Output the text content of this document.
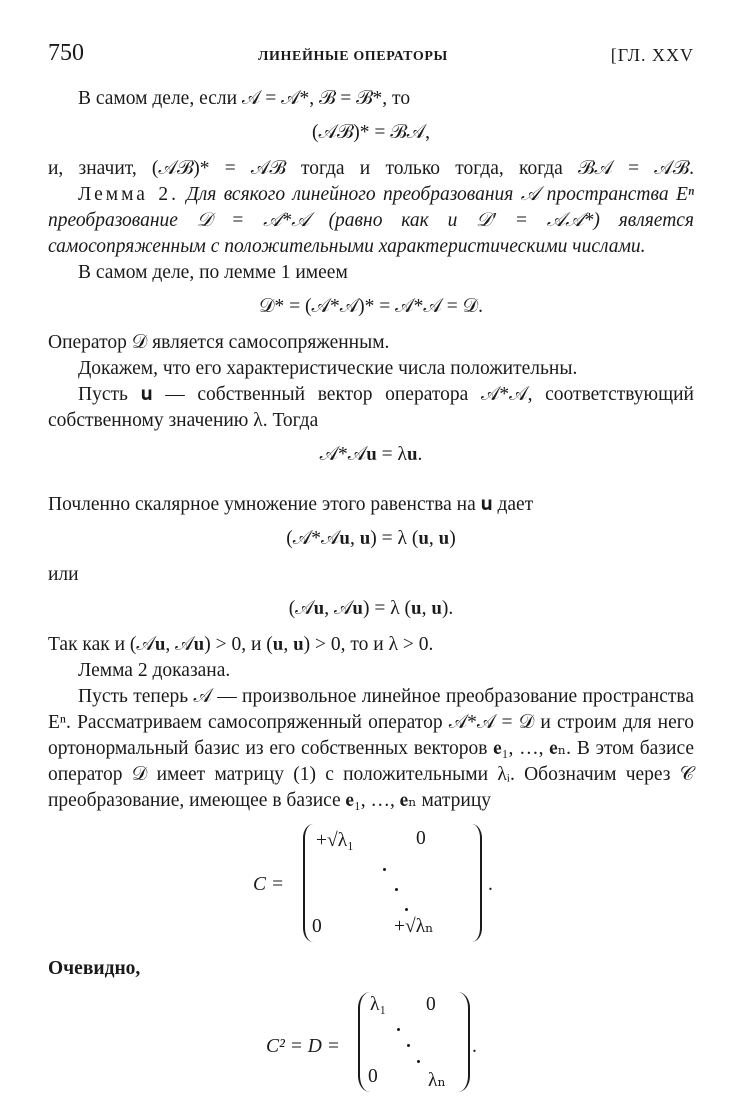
750	ЛИНЕЙНЫЕ ОПЕРАТОРЫ	[ГЛ. XXV

В самом деле, если 𝒜 = 𝒜*, ℬ = ℬ*, то

(𝒜ℬ)* = ℬ𝒜,

и, значит, (𝒜ℬ)* = 𝒜ℬ тогда и только тогда, когда ℬ𝒜 = 𝒜ℬ.

Лемма 2. Для всякого линейного преобразования 𝒜 пространства Eⁿ преобразование 𝒟 = 𝒜*𝒜 (равно как и 𝒟′ = 𝒜𝒜*) является самосопряженным с положительными характеристическими числами.

В самом деле, по лемме 1 имеем

𝒟* = (𝒜*𝒜)* = 𝒜*𝒜 = 𝒟.

Оператор 𝒟 является самосопряженным.

Докажем, что его характеристические числа положительны.

Пусть 𝐮 — собственный вектор оператора 𝒜*𝒜, соответствующий собственному значению λ. Тогда

𝒜*𝒜𝐮 = λ𝐮.

Почленно скалярное умножение этого равенства на 𝐮 дает

(𝒜*𝒜𝐮, 𝐮) = λ (𝐮, 𝐮)

или

(𝒜𝐮, 𝒜𝐮) = λ (𝐮, 𝐮).

Так как и (𝒜𝐮, 𝒜𝐮) > 0, и (𝐮, 𝐮) > 0, то и λ > 0.

Лемма 2 доказана.

Пусть теперь 𝒜 — произвольное линейное преобразование пространства Eⁿ. Рассматриваем самосопряженный оператор 𝒜*𝒜 = 𝒟 и строим для него ортонормальный базис из его собственных векторов 𝐞₁, …, 𝐞ₙ. В этом базисе оператор 𝒟 имеет матрицу (1) с положительными λᵢ. Обозначим через 𝒞 преобразование, имеющее в базисе 𝐞₁, …, 𝐞ₙ матрицу

C =
+√λ₁	0
0	+√λₙ
.

Очевидно,

C² = D =
λ₁ 0
0	λₙ
.
